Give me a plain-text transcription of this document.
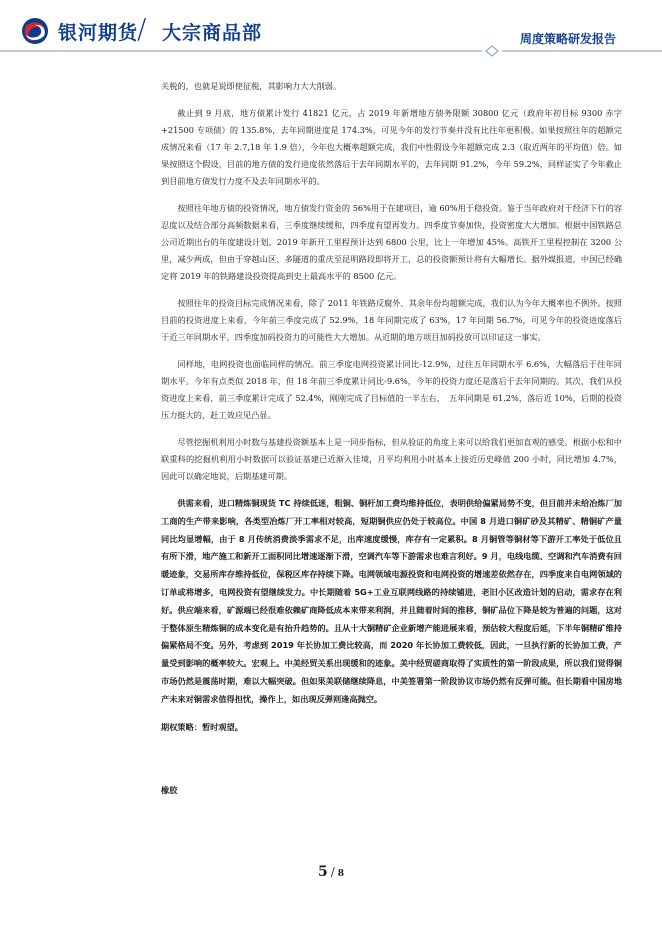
银河期货
/ 大宗商品部	周度策略研发报告

关税的，也就是说即使征税，其影响力大大削弱。

截止到 9 月底，地方债累计发行 41821 亿元，占 2019 年新增地方债务限额 30800 亿元（政府年初目标 9300 赤字+21500 专项债）的 135.8%，去年同期进度是 174.3%，可见今年的发行节奏并没有比往年更积极。如果按照往年的超额完成情况来看（17 年 2.7,18 年 1.9 倍），今年也大概率超额完成，我们中性假设今年超额完成 2.3（取近两年的平均值）倍。如果按照这个假设，目前的地方债的发行进度依然落后于去年同期水平的，去年同期 91.2%，今年 59.2%，同样证实了今年截止到目前地方债发行力度不及去年同期水平的。

按照往年地方债的投资情况，地方债发行资金的 56%用于在建项目，逾 60%用于稳投资。鉴于当年政府对于经济下行的容忍度以及结合部分高频数据来看，三季度继续缓和，四季度有望再发力。四季度节奏加快，投资密度大大增加。根据中国铁路总公司近期出台的年度建设计划，2019 年新开工里程预计达到 6800 公里，比上一年增加 45%。高铁开工里程控制在 3200 公里，减少两成，但由于穿越山区、多隧道的重庆至昆明路段即将开工，总的投资额预计将有大幅增长。据外媒报道，中国已经确定将 2019 年的铁路建设投资提高到史上最高水平的 8500 亿元。

按照往年的投资目标完成情况来看，除了 2011 年铁路反腐外、其余年份均超额完成，我们认为今年大概率也不例外。按照目前的投资进度上来看，今年前三季度完成了 52.9%，18 年同期完成了 63%，17 年同期 56.7%，可见今年的投资进度落后于近三年同期水平，四季度加码投资力的可能性大大增加。从近期的地方项目加码投放可以印证这一事实。

同样地，电网投资也面临同样的情况。前三季度电网投资累计同比-12.9%，过往五年同期水平 6.6%，大幅落后于往年同期水平。今年有点类似 2018 年，但 18 年前三季度累计同比-9.6%，今年的投资力度还是落后于去年同期的。其次，我们从投资进度上来看，前三季度累计完成了 52.4%，刚刚完成了目标值的一半左右，　五年同期是 61.2%，落后近 10%，后期的投资压力挺大的，赶工效应见凸显。

尽管挖掘机利用小时数与基建投资额基本上是一同步指标，但从验证的角度上来可以给我们更加直观的感受。根据小松和中联重科的挖掘机利用小时数据可以验证基建已近渐入佳境，月平均利用小时基本上接近历史峰值 200 小时，同比增加 4.7%，因此可以确定地说，后期基建可期。

供需来看，进口精炼铜现货 TC 持续低迷，粗铜、铜杆加工费均维持低位，表明供给偏紧局势不变，但目前并未给冶炼厂加工商的生产带来影响，各类型冶炼厂开工率相对较高，短期铜供应仍处于较高位。中国 8 月进口铜矿砂及其精矿、精铜矿产量同比均显增幅，由于 8 月传统消费淡季需求不足，出库速度缓慢，库存有一定累积。8 月铜管等铜材等下游开工率处于低位且有所下滑，地产施工和新开工面积同比增速逐渐下滑，空调汽车等下游需求也难言利好。9 月，电线电缆、空调和汽车消费有回暖迹象，交易所库存维持低位，保税区库存持续下降。电网领域电源投资和电网投资的增速差依然存在，四季度来自电网领域的订单或将增多，电网投资有望继续发力。中长期随着 5G+工业互联网线路的持续铺进，老旧小区改造计划的启动，需求存在利好。供应端来看，矿源端已经很难依赖矿商降低成本来带来利润，并且随着时间的推移，铜矿品位下降是较为普遍的问题，这对于整体原生精炼铜的成本变化是有抬升趋势的。且从十大铜精矿企业新增产能进展来看，预估较大程度后延，下半年铜精矿维持偏紧格局不变。另外，考虑到 2019 年长协加工费比较高，而 2020 年长协加工费较低，因此，一旦执行新的长协加工费，产量受到影响的概率较大。宏观上。中美经贸关系出现缓和的迹象。美中经贸磋商取得了实质性的第一阶段成果，所以我们觉得铜市场仍然是震荡时期，难以大幅突破。但如果美联储继续降息，中美签署第一阶段协议市场仍然有反弹可能。但长期看中国房地产未来对铜需求值得担忧，操作上，如出现反弹则逢高抛空。

期权策略：暂时观望。

橡胶

5 / 8
